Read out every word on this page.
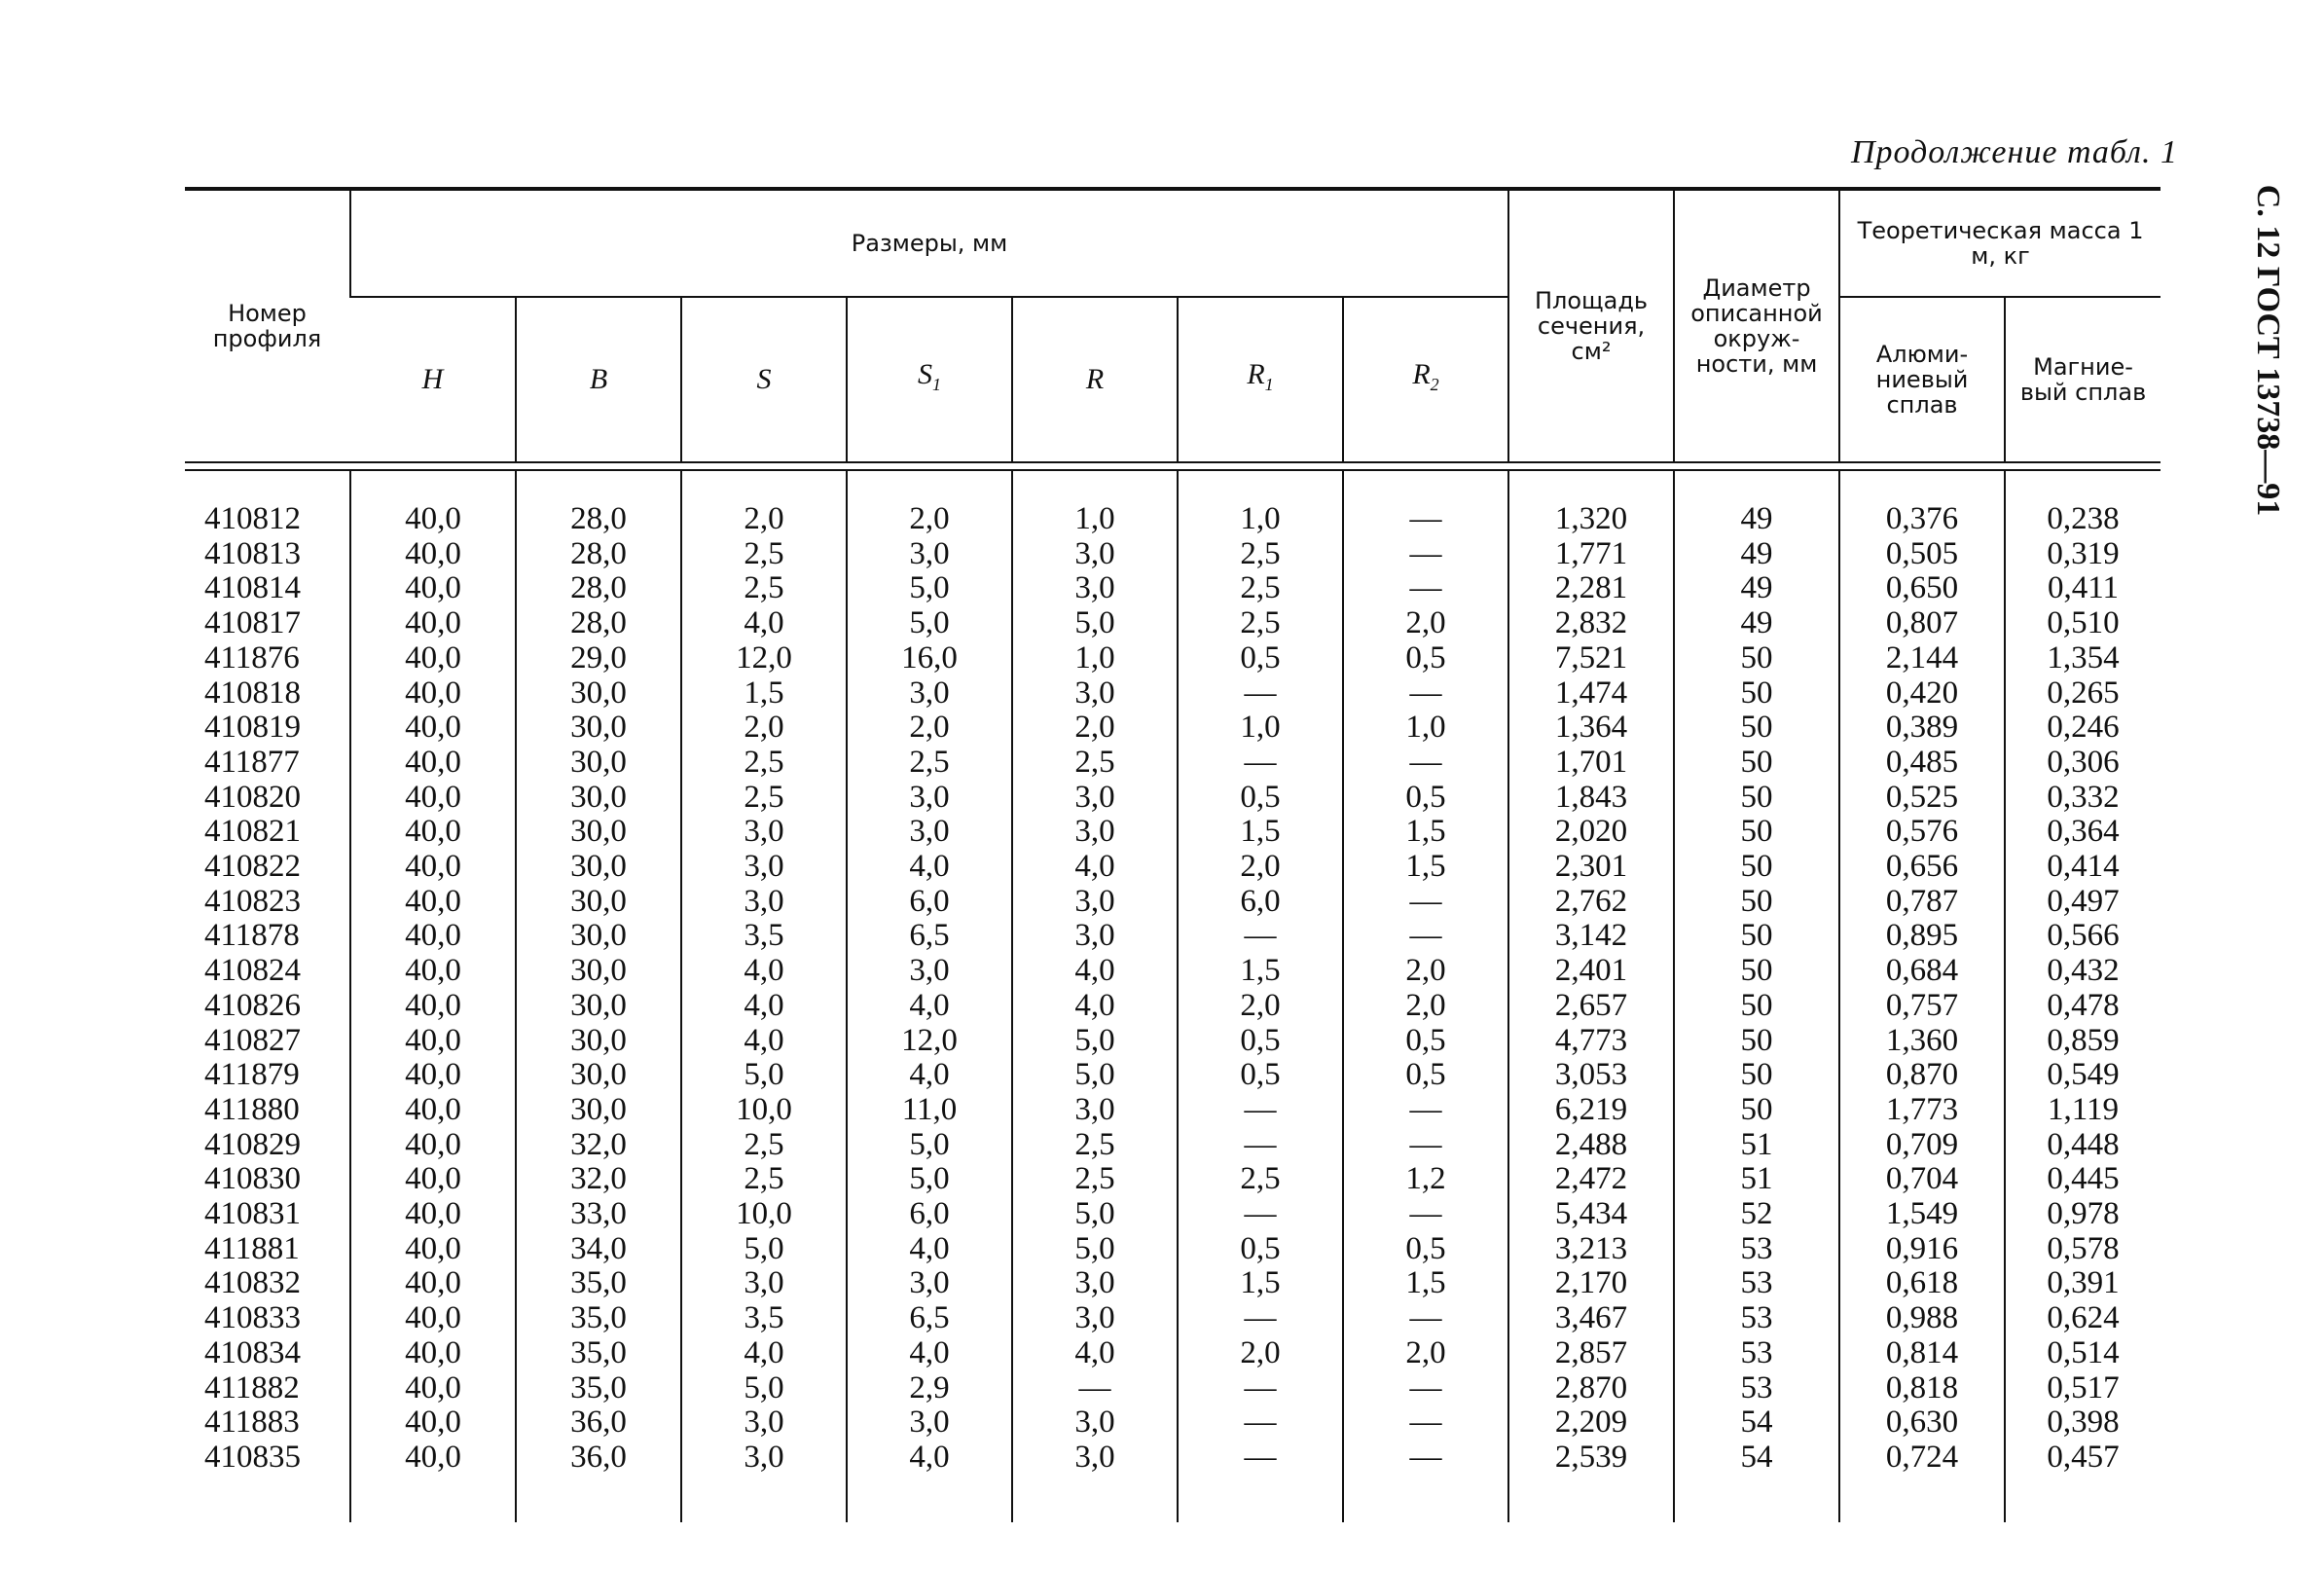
Продолжение табл. 1
С. 12 ГОСТ 13738—91
Номер профиля	Размеры, мм							Площадь сечения, см²	Диаметр описанной окруж-ности, мм	Теоретическая масса 1 м, кг	
	H	B	S	$S_1$	R	$R_1$	$R_2$			Алюми-ниевый сплав	Магние-вый сплав

410812	40,0	28,0	2,0	2,0	1,0	1,0	—	1,320	49	0,376	0,238
410813	40,0	28,0	2,5	3,0	3,0	2,5	—	1,771	49	0,505	0,319
410814	40,0	28,0	2,5	5,0	3,0	2,5	—	2,281	49	0,650	0,411
410817	40,0	28,0	4,0	5,0	5,0	2,5	2,0	2,832	49	0,807	0,510
411876	40,0	29,0	12,0	16,0	1,0	0,5	0,5	7,521	50	2,144	1,354
410818	40,0	30,0	1,5	3,0	3,0	—	—	1,474	50	0,420	0,265
410819	40,0	30,0	2,0	2,0	2,0	1,0	1,0	1,364	50	0,389	0,246
411877	40,0	30,0	2,5	2,5	2,5	—	—	1,701	50	0,485	0,306
410820	40,0	30,0	2,5	3,0	3,0	0,5	0,5	1,843	50	0,525	0,332
410821	40,0	30,0	3,0	3,0	3,0	1,5	1,5	2,020	50	0,576	0,364
410822	40,0	30,0	3,0	4,0	4,0	2,0	1,5	2,301	50	0,656	0,414
410823	40,0	30,0	3,0	6,0	3,0	6,0	—	2,762	50	0,787	0,497
411878	40,0	30,0	3,5	6,5	3,0	—	—	3,142	50	0,895	0,566
410824	40,0	30,0	4,0	3,0	4,0	1,5	2,0	2,401	50	0,684	0,432
410826	40,0	30,0	4,0	4,0	4,0	2,0	2,0	2,657	50	0,757	0,478
410827	40,0	30,0	4,0	12,0	5,0	0,5	0,5	4,773	50	1,360	0,859
411879	40,0	30,0	5,0	4,0	5,0	0,5	0,5	3,053	50	0,870	0,549
411880	40,0	30,0	10,0	11,0	3,0	—	—	6,219	50	1,773	1,119
410829	40,0	32,0	2,5	5,0	2,5	—	—	2,488	51	0,709	0,448
410830	40,0	32,0	2,5	5,0	2,5	2,5	1,2	2,472	51	0,704	0,445
410831	40,0	33,0	10,0	6,0	5,0	—	—	5,434	52	1,549	0,978
411881	40,0	34,0	5,0	4,0	5,0	0,5	0,5	3,213	53	0,916	0,578
410832	40,0	35,0	3,0	3,0	3,0	1,5	1,5	2,170	53	0,618	0,391
410833	40,0	35,0	3,5	6,5	3,0	—	—	3,467	53	0,988	0,624
410834	40,0	35,0	4,0	4,0	4,0	2,0	2,0	2,857	53	0,814	0,514
411882	40,0	35,0	5,0	2,9	—	—	—	2,870	53	0,818	0,517
411883	40,0	36,0	3,0	3,0	3,0	—	—	2,209	54	0,630	0,398
410835	40,0	36,0	3,0	4,0	3,0	—	—	2,539	54	0,724	0,457
